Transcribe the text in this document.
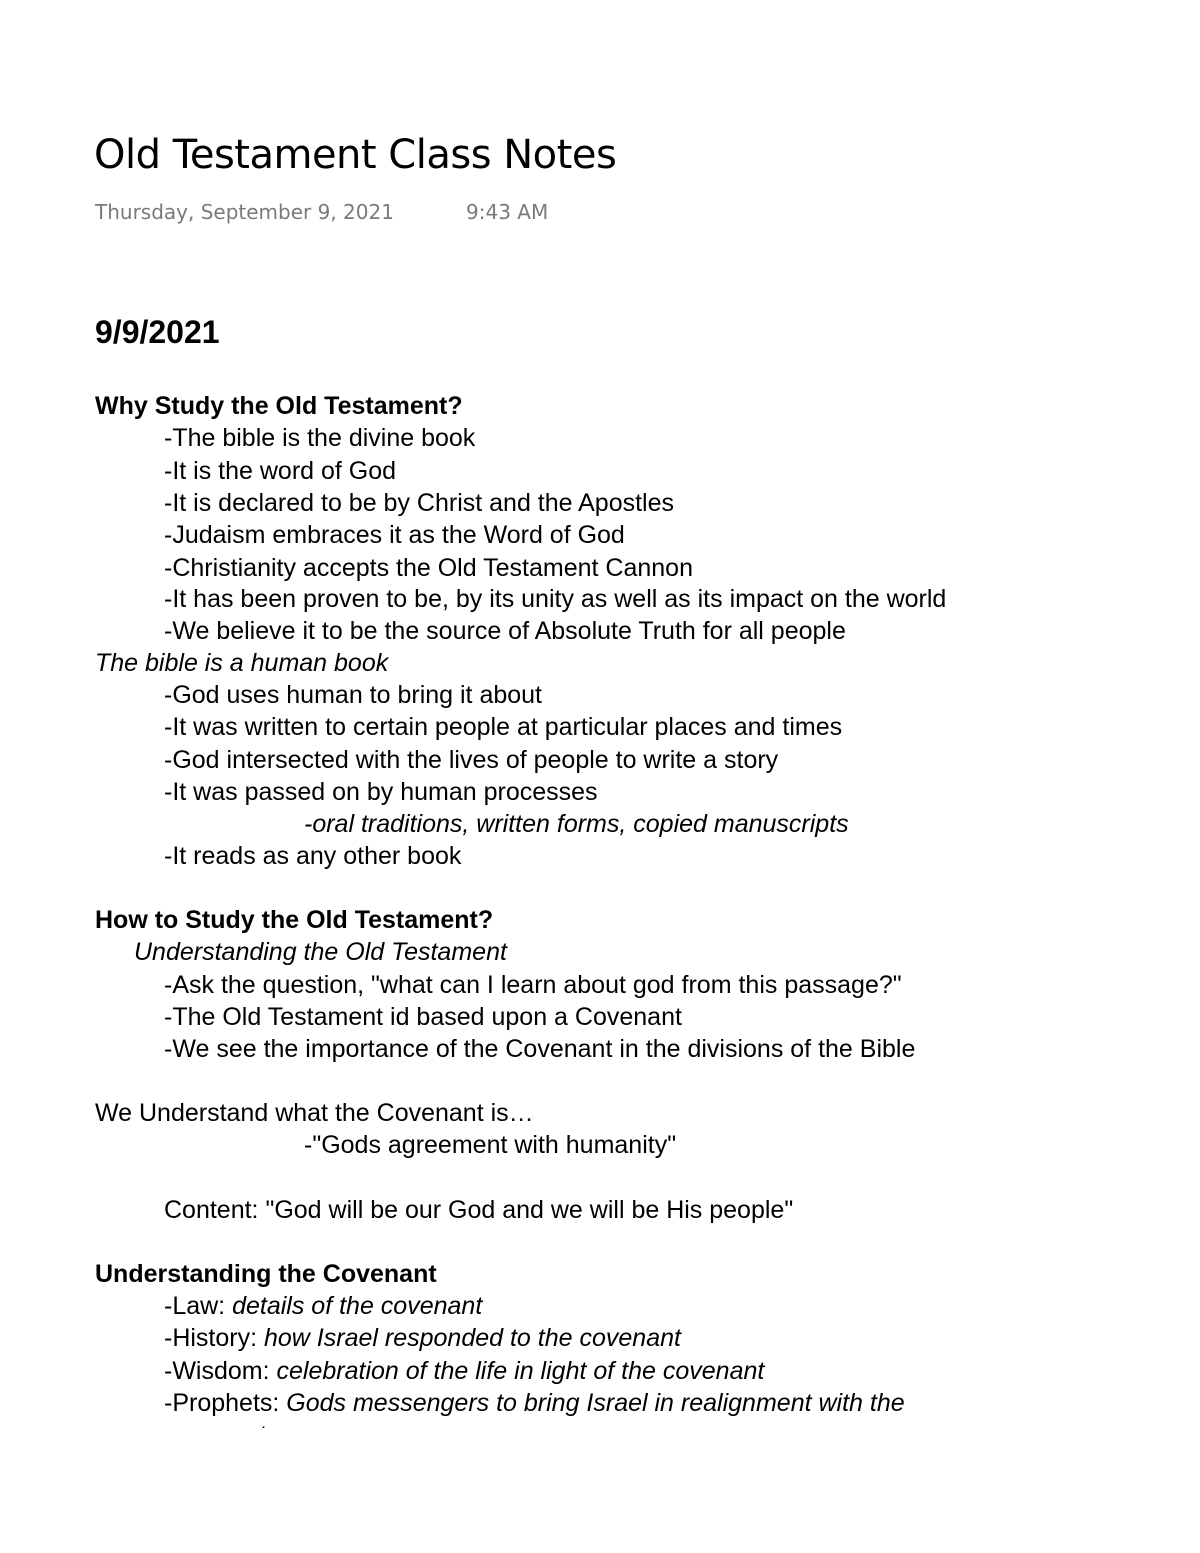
Old Testament Class Notes
Thursday, September 9, 2021	9:43 AM
9/9/2021
Why Study the Old Testament?
-The bible is the divine book
-It is the word of God
-It is declared to be by Christ and the Apostles
-Judaism embraces it as the Word of God
-Christianity accepts the Old Testament Cannon
-It has been proven to be, by its unity as well as its impact on the world
-We believe it to be the source of Absolute Truth for all people
The bible is a human book
-God uses human to bring it about
-It was written to certain people at particular places and times
-God intersected with the lives of people to write a story
-It was passed on by human processes
-oral traditions, written forms, copied manuscripts
-It reads as any other book
How to Study the Old Testament?
Understanding the Old Testament
-Ask the question, "what can I learn about god from this passage?"
-The Old Testament id based upon a Covenant
-We see the importance of the Covenant in the divisions of the Bible
We Understand what the Covenant is…
-"Gods agreement with humanity"
Content: "God will be our God and we will be His people"
Understanding the Covenant
-Law: details of the covenant
-History: how Israel responded to the covenant
-Wisdom: celebration of the life in light of the covenant
-Prophets: Gods messengers to bring Israel in realignment with the
